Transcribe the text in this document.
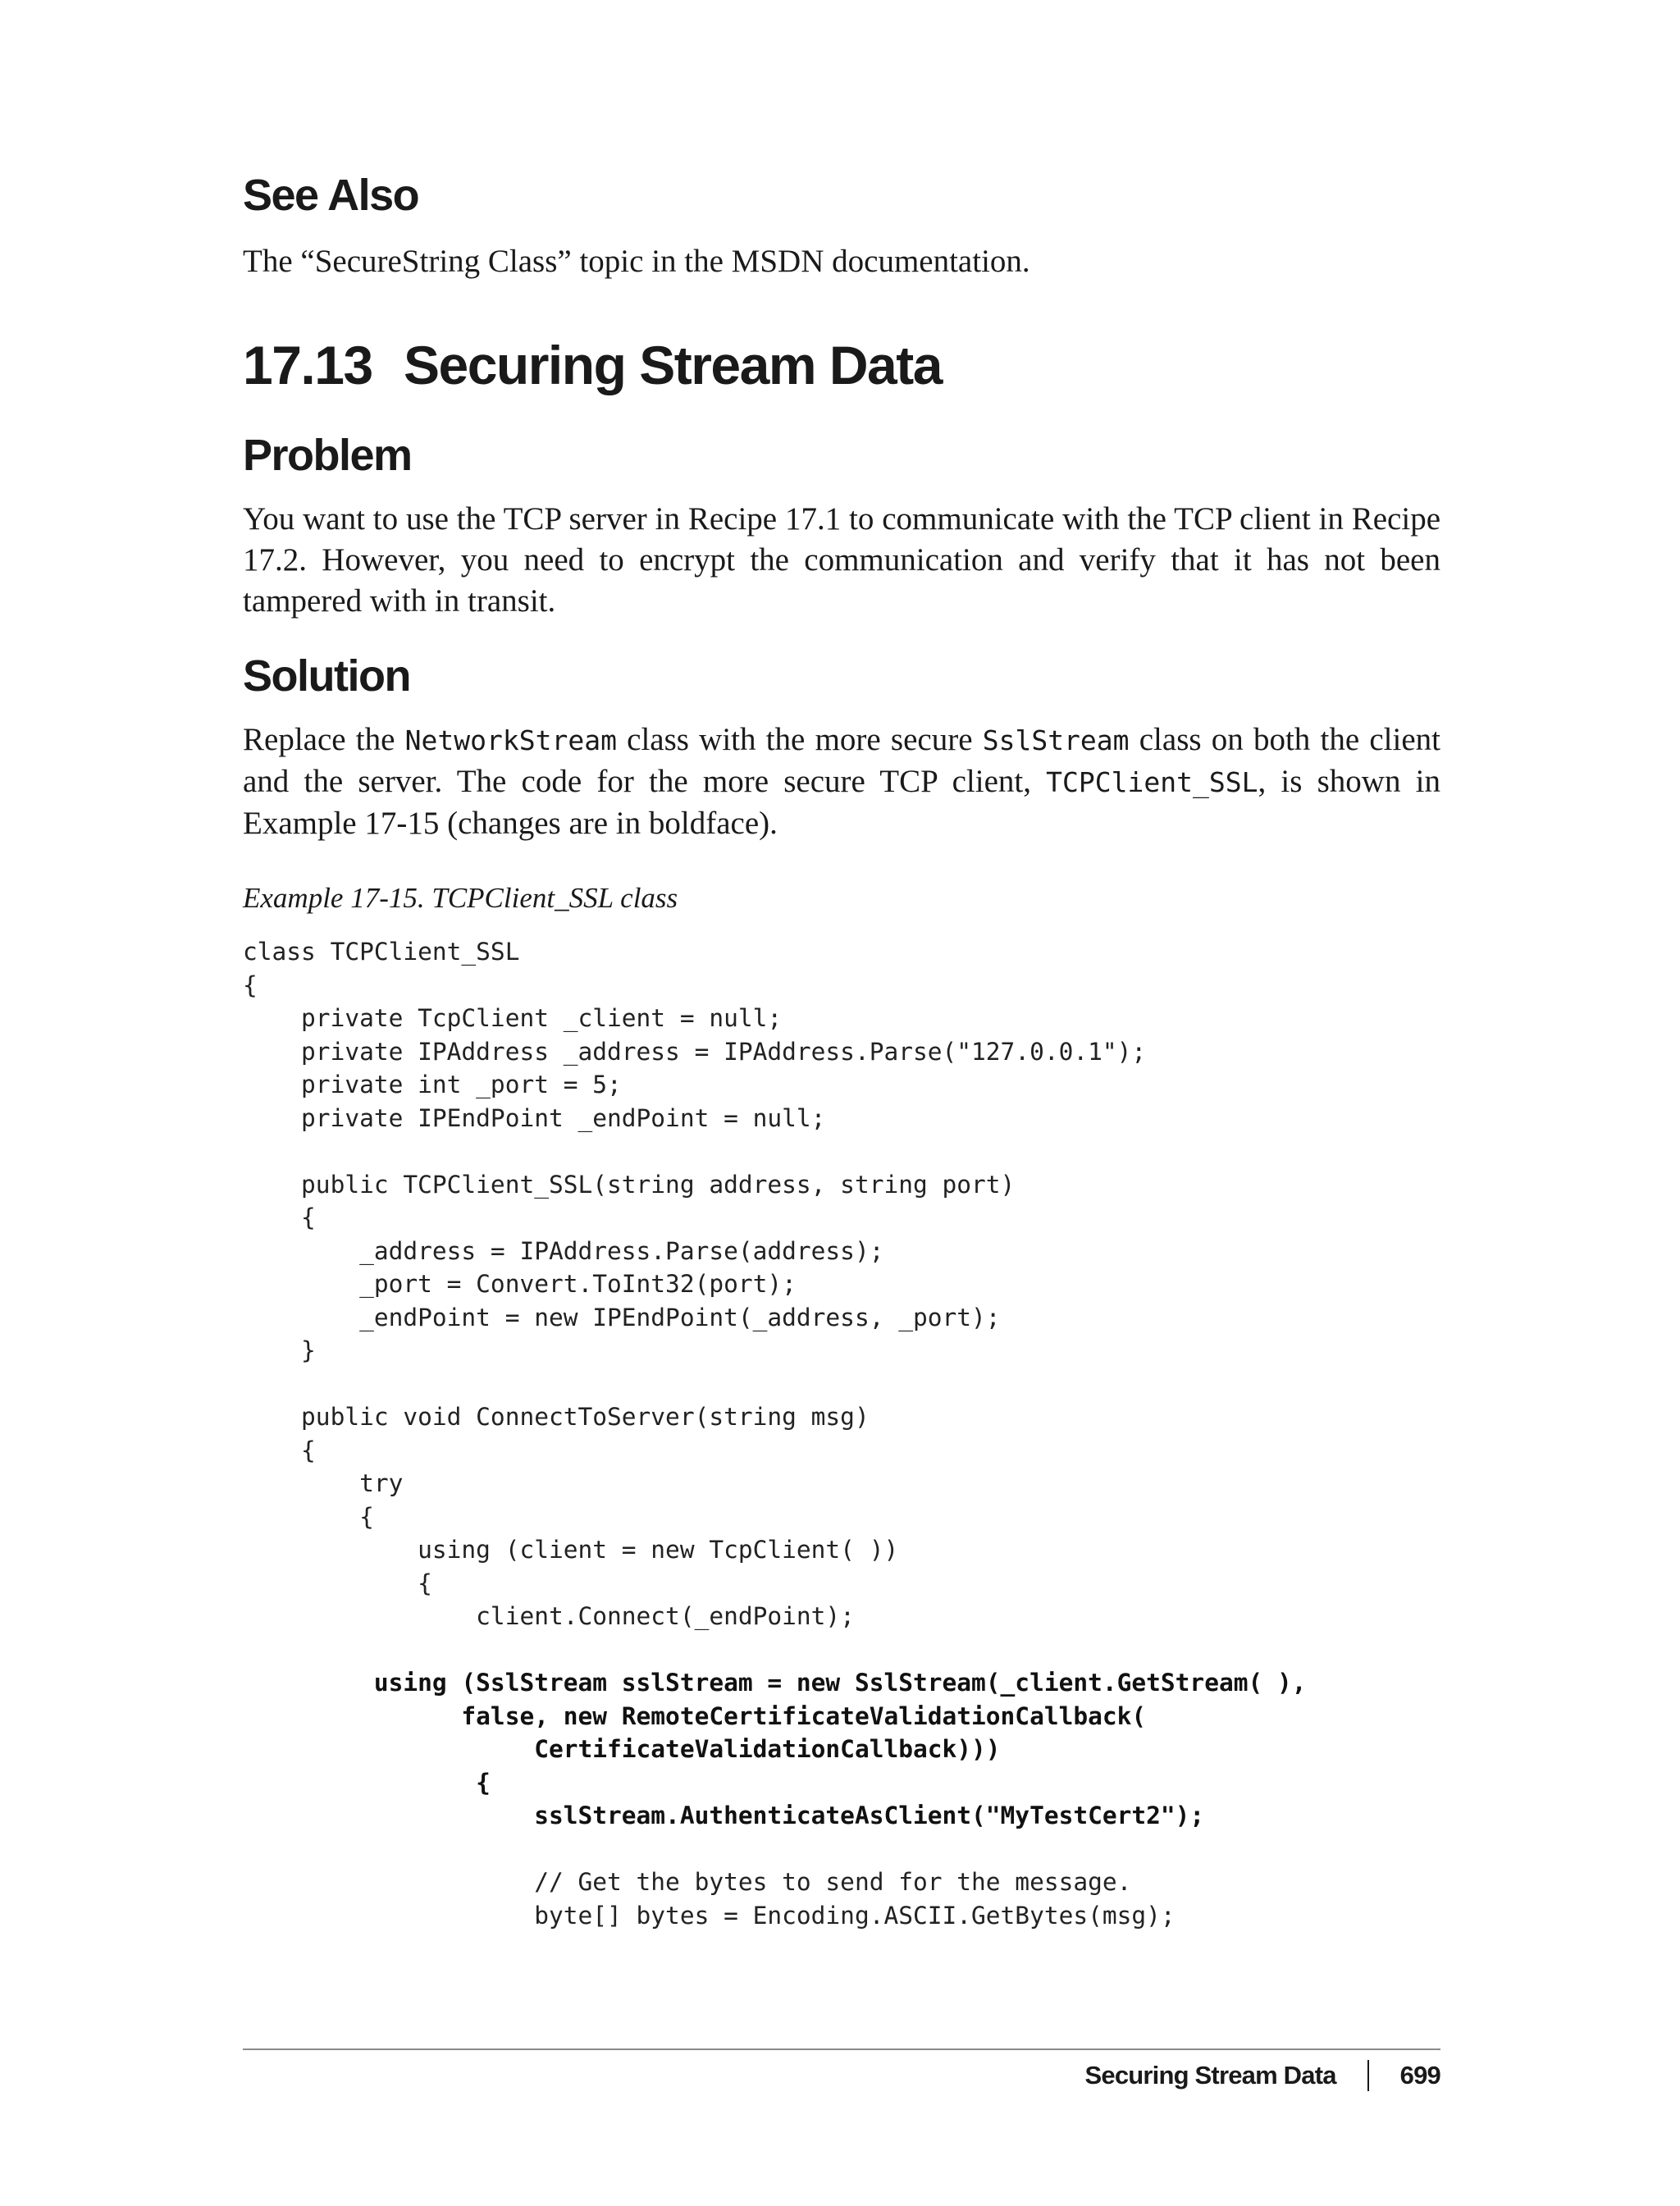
See Also

The “SecureString Class” topic in the MSDN documentation.

17.13 Securing Stream Data
Problem

You want to use the TCP server in Recipe 17.1 to communicate with the TCP client in Recipe 17.2. However, you need to encrypt the communication and verify that it has not been tampered with in transit.

Solution

Replace the NetworkStream class with the more secure SslStream class on both the client and the server. The code for the more secure TCP client, TCPClient_SSL, is shown in Example 17-15 (changes are in boldface).

Example 17-15. TCPClient_SSL class

class TCPClient_SSL
{
private TcpClient _client = null;
private IPAddress _address = IPAddress.Parse("127.0.0.1");
private int _port = 5;
private IPEndPoint _endPoint = null;
public TCPClient_SSL(string address, string port)
{
_address = IPAddress.Parse(address);
_port = Convert.ToInt32(port);
_endPoint = new IPEndPoint(_address, _port);
}
public void ConnectToServer(string msg)
{
try
{
using (client = new TcpClient( ))
{
client.Connect(_endPoint);
using (SslStream sslStream = new SslStream(_client.GetStream( ),
false, new RemoteCertificateValidationCallback(
CertificateValidationCallback)))
{
sslStream.AuthenticateAsClient("MyTestCert2");
// Get the bytes to send for the message.
byte[] bytes = Encoding.ASCII.GetBytes(msg);
Securing Stream Data	699
